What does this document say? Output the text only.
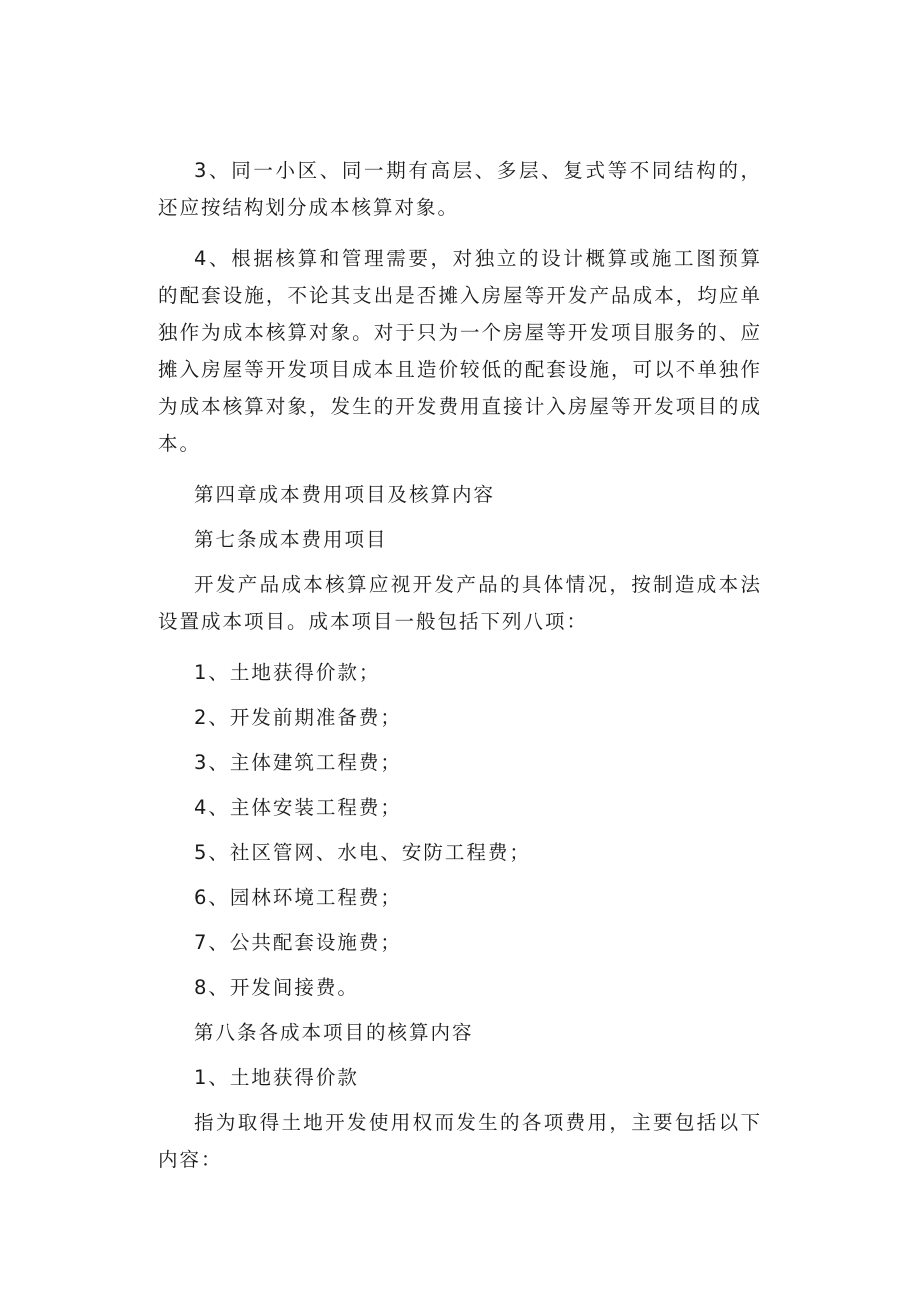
3、同一小区、同一期有高层、多层、复式等不同结构的，还应按结构划分成本核算对象。

4、根据核算和管理需要，对独立的设计概算或施工图预算的配套设施，不论其支出是否摊入房屋等开发产品成本，均应单独作为成本核算对象。对于只为一个房屋等开发项目服务的、应摊入房屋等开发项目成本且造价较低的配套设施，可以不单独作为成本核算对象，发生的开发费用直接计入房屋等开发项目的成本。

第四章成本费用项目及核算内容

第七条成本费用项目

开发产品成本核算应视开发产品的具体情况，按制造成本法设置成本项目。成本项目一般包括下列八项：

1、土地获得价款；

2、开发前期准备费；

3、主体建筑工程费；

4、主体安装工程费；

5、社区管网、水电、安防工程费；

6、园林环境工程费；

7、公共配套设施费；

8、开发间接费。

第八条各成本项目的核算内容

1、土地获得价款

指为取得土地开发使用权而发生的各项费用，主要包括以下内容：
